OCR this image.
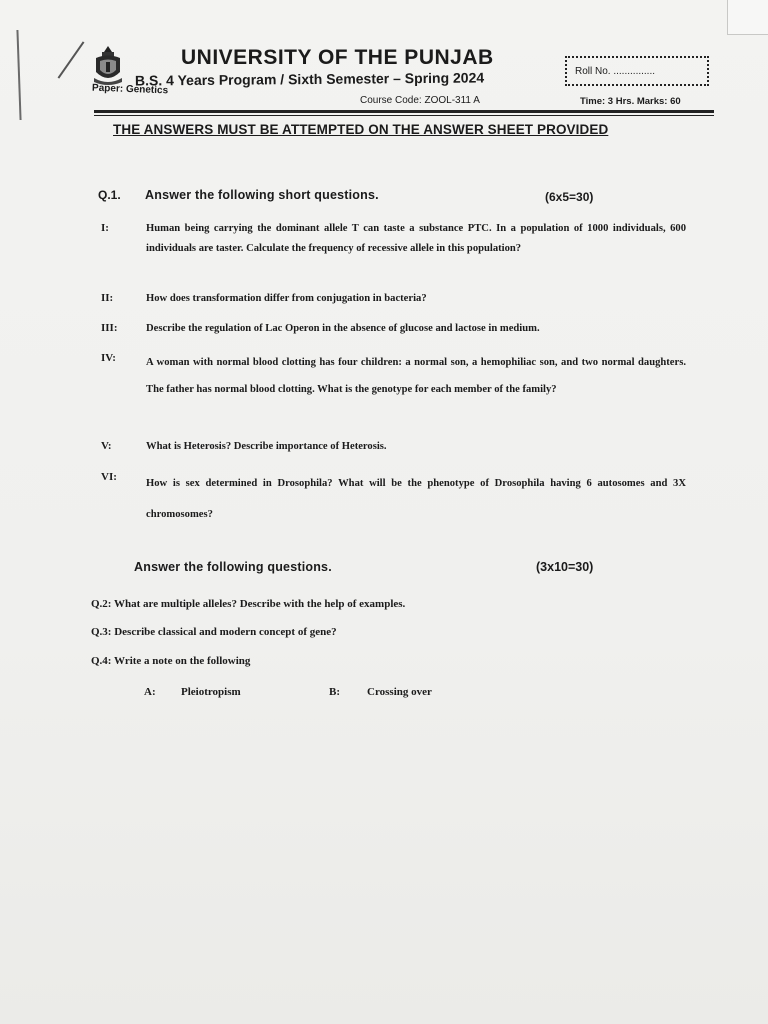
UNIVERSITY OF THE PUNJAB
B.S. 4 Years Program / Sixth Semester – Spring 2024
Paper: Genetics
Course Code: ZOOL-311 A
Roll No. ...............
Time: 3 Hrs. Marks: 60
THE ANSWERS MUST BE ATTEMPTED ON THE ANSWER SHEET PROVIDED
Q.1. Answer the following short questions.	(6x5=30)
I:	Human being carrying the dominant allele T can taste a substance PTC. In a population of 1000 individuals, 600 individuals are taster. Calculate the frequency of recessive allele in this population?
II:	How does transformation differ from conjugation in bacteria?
III:	Describe the regulation of Lac Operon in the absence of glucose and lactose in medium.
IV:	A woman with normal blood clotting has four children: a normal son, a hemophiliac son, and two normal daughters. The father has normal blood clotting. What is the genotype for each member of the family?
V:	What is Heterosis? Describe importance of Heterosis.
VI:
How is sex determined in Drosophila? What will be the phenotype of Drosophila having 6 autosomes and 3X chromosomes?
Answer the following questions.	(3x10=30)
Q.2: What are multiple alleles? Describe with the help of examples.
Q.3: Describe classical and modern concept of gene?
Q.4: Write a note on the following
A: Pleiotropism	B: Crossing over
